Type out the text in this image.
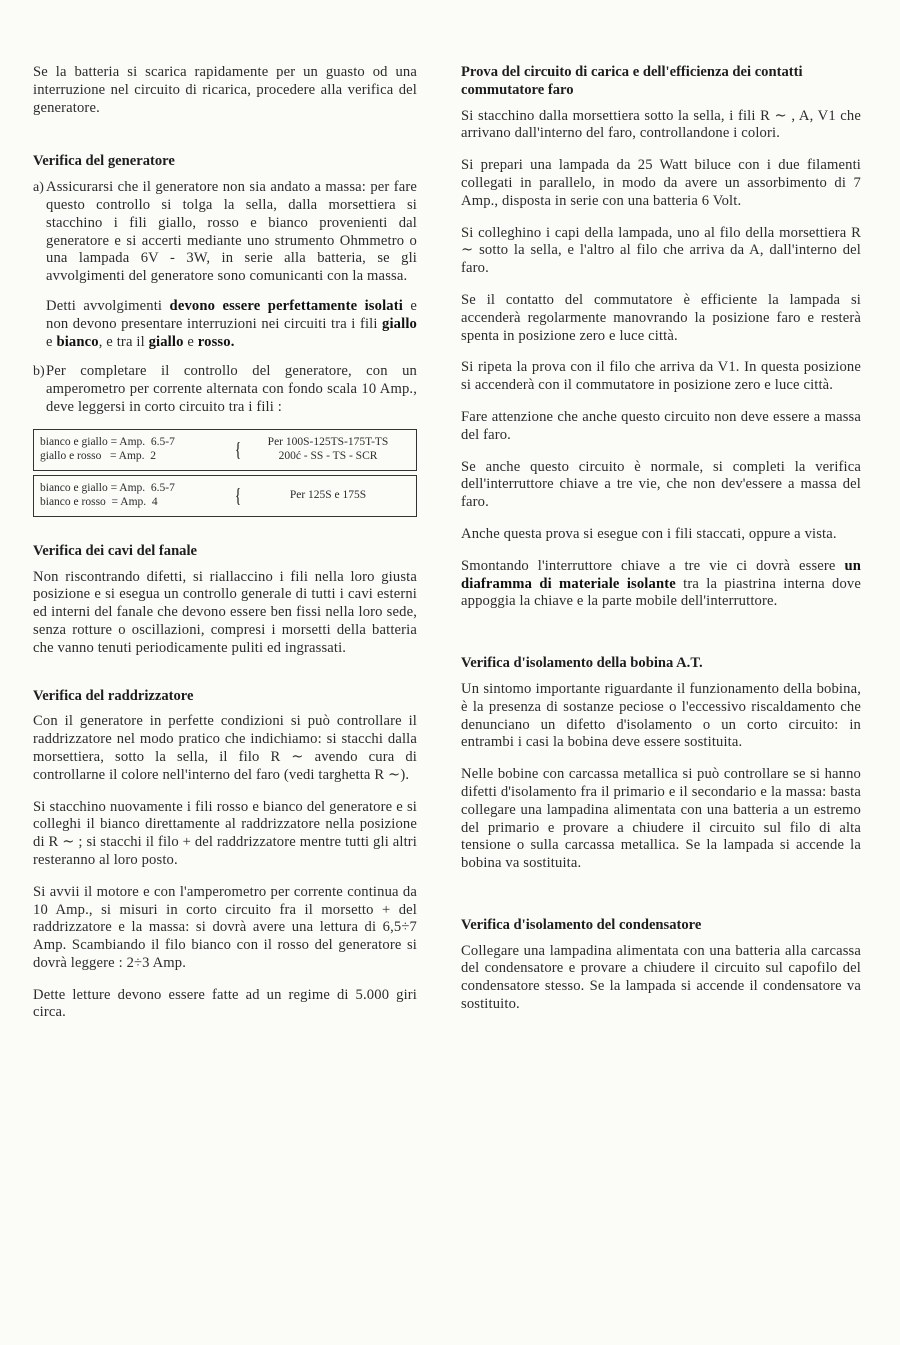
Se la batteria si scarica rapidamente per un guasto od una interruzione nel circuito di ricarica, procedere alla verifica del generatore.

Verifica del generatore
a) Assicurarsi che il generatore non sia andato a massa: per fare questo controllo si tolga la sella, dalla morsettiera si stacchino i fili giallo, rosso e bianco provenienti dal generatore e si accerti mediante uno strumento Ohmmetro o una lampada 6V - 3W, in serie alla batteria, se gli avvolgimenti del generatore sono comunicanti con la massa.

Detti avvolgimenti devono essere perfettamente isolati e non devono presentare interruzioni nei circuiti tra i fili giallo e bianco, e tra il giallo e rosso.

b) Per completare il controllo del generatore, con un amperometro per corrente alternata con fondo scala 10 Amp., deve leggersi in corto circuito tra i fili :

bianco e giallo = Amp.  6.5-7
giallo e rosso   = Amp.  2	{	Per 100S-125TS-175T-TS
200ć - SS - TS - SCR
bianco e giallo = Amp.  6.5-7
bianco e rosso  = Amp.  4	{	Per 125S e 175S
Verifica dei cavi del fanale

Non riscontrando difetti, si riallaccino i fili nella loro giusta posizione e si esegua un controllo generale di tutti i cavi esterni ed interni del fanale che devono essere ben fissi nella loro sede, senza rotture o oscillazioni, compresi i morsetti della batteria che vanno tenuti periodicamente puliti ed ingrassati.

Verifica del raddrizzatore

Con il generatore in perfette condizioni si può controllare il raddrizzatore nel modo pratico che indichiamo: si stacchi dalla morsettiera, sotto la sella, il filo R ∼ avendo cura di controllarne il colore nell'interno del faro (vedi targhetta R ∼).

Si stacchino nuovamente i fili rosso e bianco del generatore e si colleghi il bianco direttamente al raddrizzatore nella posizione di R ∼ ; si stacchi il filo + del raddrizzatore mentre tutti gli altri resteranno al loro posto.

Si avvii il motore e con l'amperometro per corrente continua da 10 Amp., si misuri in corto circuito fra il morsetto + del raddrizzatore e la massa: si dovrà avere una lettura di 6,5÷7 Amp. Scambiando il filo bianco con il rosso del generatore si dovrà leggere : 2÷3 Amp.

Dette letture devono essere fatte ad un regime di 5.000 giri circa.

Prova del circuito di carica e dell'efficienza dei contatti commutatore faro

Si stacchino dalla morsettiera sotto la sella, i fili R ∼ , A, V1 che arrivano dall'interno del faro, controllandone i colori.

Si prepari una lampada da 25 Watt biluce con i due filamenti collegati in parallelo, in modo da avere un assorbimento di 7 Amp., disposta in serie con una batteria 6 Volt.

Si colleghino i capi della lampada, uno al filo della morsettiera R ∼ sotto la sella, e l'altro al filo che arriva da A, dall'interno del faro.

Se il contatto del commutatore è efficiente la lampada si accenderà regolarmente manovrando la posizione faro e resterà spenta in posizione zero e luce città.

Si ripeta la prova con il filo che arriva da V1. In questa posizione si accenderà con il commutatore in posizione zero e luce città.

Fare attenzione che anche questo circuito non deve essere a massa del faro.

Se anche questo circuito è normale, si completi la verifica dell'interruttore chiave a tre vie, che non dev'essere a massa del faro.

Anche questa prova si esegue con i fili staccati, oppure a vista.

Smontando l'interruttore chiave a tre vie ci dovrà essere un diaframma di materiale isolante tra la piastrina interna dove appoggia la chiave e la parte mobile dell'interruttore.

Verifica d'isolamento della bobina A.T.

Un sintomo importante riguardante il funzionamento della bobina, è la presenza di sostanze peciose o l'eccessivo riscaldamento che denunciano un difetto d'isolamento o un corto circuito: in entrambi i casi la bobina deve essere sostituita.

Nelle bobine con carcassa metallica si può controllare se si hanno difetti d'isolamento fra il primario e il secondario e la massa: basta collegare una lampadina alimentata con una batteria a un estremo del primario e provare a chiudere il circuito sul filo di alta tensione o sulla carcassa metallica. Se la lampada si accende la bobina va sostituita.

Verifica d'isolamento del condensatore

Collegare una lampadina alimentata con una batteria alla carcassa del condensatore e provare a chiudere il circuito sul capofilo del condensatore stesso. Se la lampada si accende il condensatore va sostituito.
